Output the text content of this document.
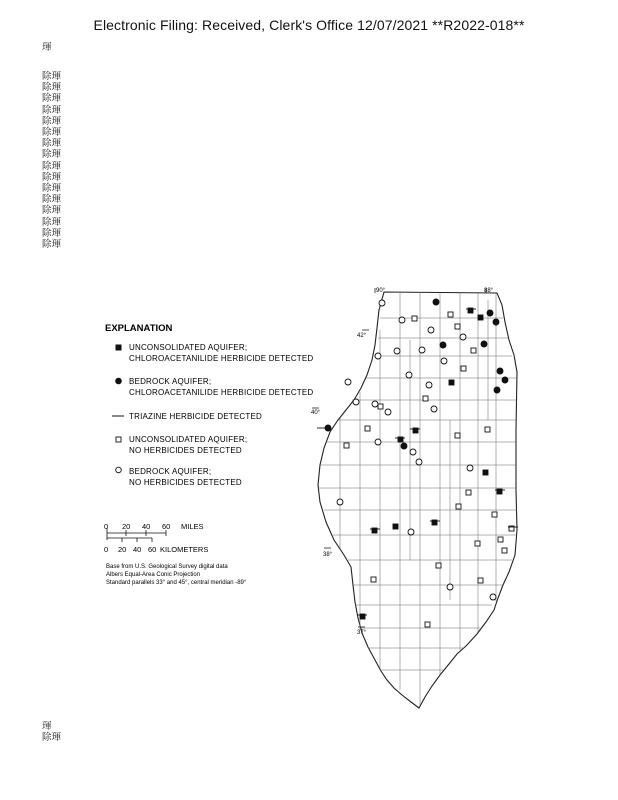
Electronic Filing: Received, Clerk's Office 12/07/2021 **R2022-018**
琿
除琿
除琿
除琿
除琿
除琿
除琿
除琿
除琿
除琿
除琿
除琿
除琿
除琿
除琿
除琿
除琿
90°	88°
42°
40°
38°
37°
EXPLANATION
UNCONSOLIDATED AQUIFER;
CHLOROACETANILIDE HERBICIDE DETECTED
BEDROCK AQUIFER;
CHLOROACETANILIDE HERBICIDE DETECTED
TRIAZINE HERBICIDE DETECTED
UNCONSOLIDATED AQUIFER;
NO HERBICIDES DETECTED
BEDROCK AQUIFER;
NO HERBICIDES DETECTED
0 20 40 60 MILES
0 20 40 60 KILOMETERS
Base from U.S. Geological Survey digital data
Albers Equal-Area Conic Projection
Standard parallels 33° and 45°, central meridian -89°
琿
除琿
